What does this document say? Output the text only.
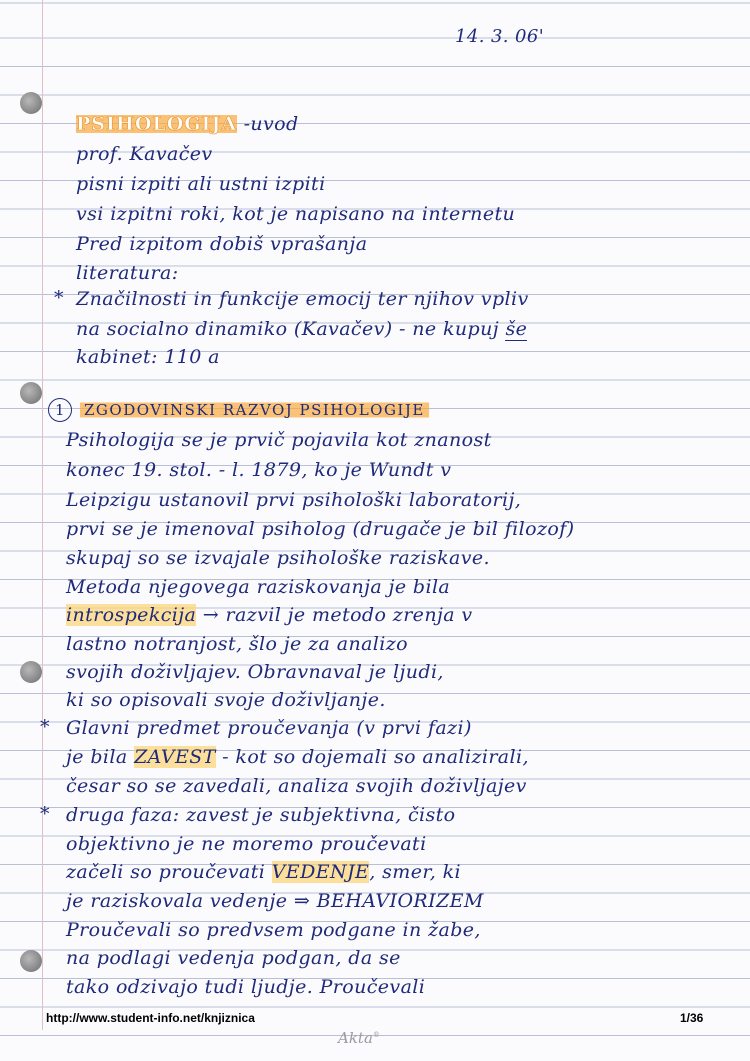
14. 3. 06'
PSIHOLOGIJA -uvod
prof. Kavačev
pisni izpiti ali ustni izpiti
vsi izpitni roki, kot je napisano na internetu
Pred izpitom dobiš vprašanja
literatura:
* Značilnosti in funkcije emocij ter njihov vpliv
na socialno dinamiko (Kavačev) - ne kupuj še
kabinet: 110 a
1 ZGODOVINSKI RAZVOJ PSIHOLOGIJE
Psihologija se je prvič pojavila kot znanost
konec 19. stol. - l. 1879, ko je Wundt v
Leipzigu ustanovil prvi psihološki laboratorij,
prvi se je imenoval psiholog (drugače je bil filozof)
skupaj so se izvajale psihološke raziskave.
Metoda njegovega raziskovanja je bila
introspekcija → razvil je metodo zrenja v
lastno notranjost, šlo je za analizo
svojih doživljajev. Obravnaval je ljudi,
ki so opisovali svoje doživljanje.
* Glavni predmet proučevanja (v prvi fazi)
je bila ZAVEST - kot so dojemali so analizirali,
česar so se zavedali, analiza svojih doživljajev
* druga faza: zavest je subjektivna, čisto
objektivno je ne moremo proučevati
začeli so proučevati VEDENJE, smer, ki
je raziskovala vedenje ⇒ BEHAVIORIZEM
Proučevali so predvsem podgane in žabe,
na podlagi vedenja podgan, da se
tako odzivajo tudi ljudje. Proučevali
http://www.student-info.net/knjiznica	1/36
Akta®
